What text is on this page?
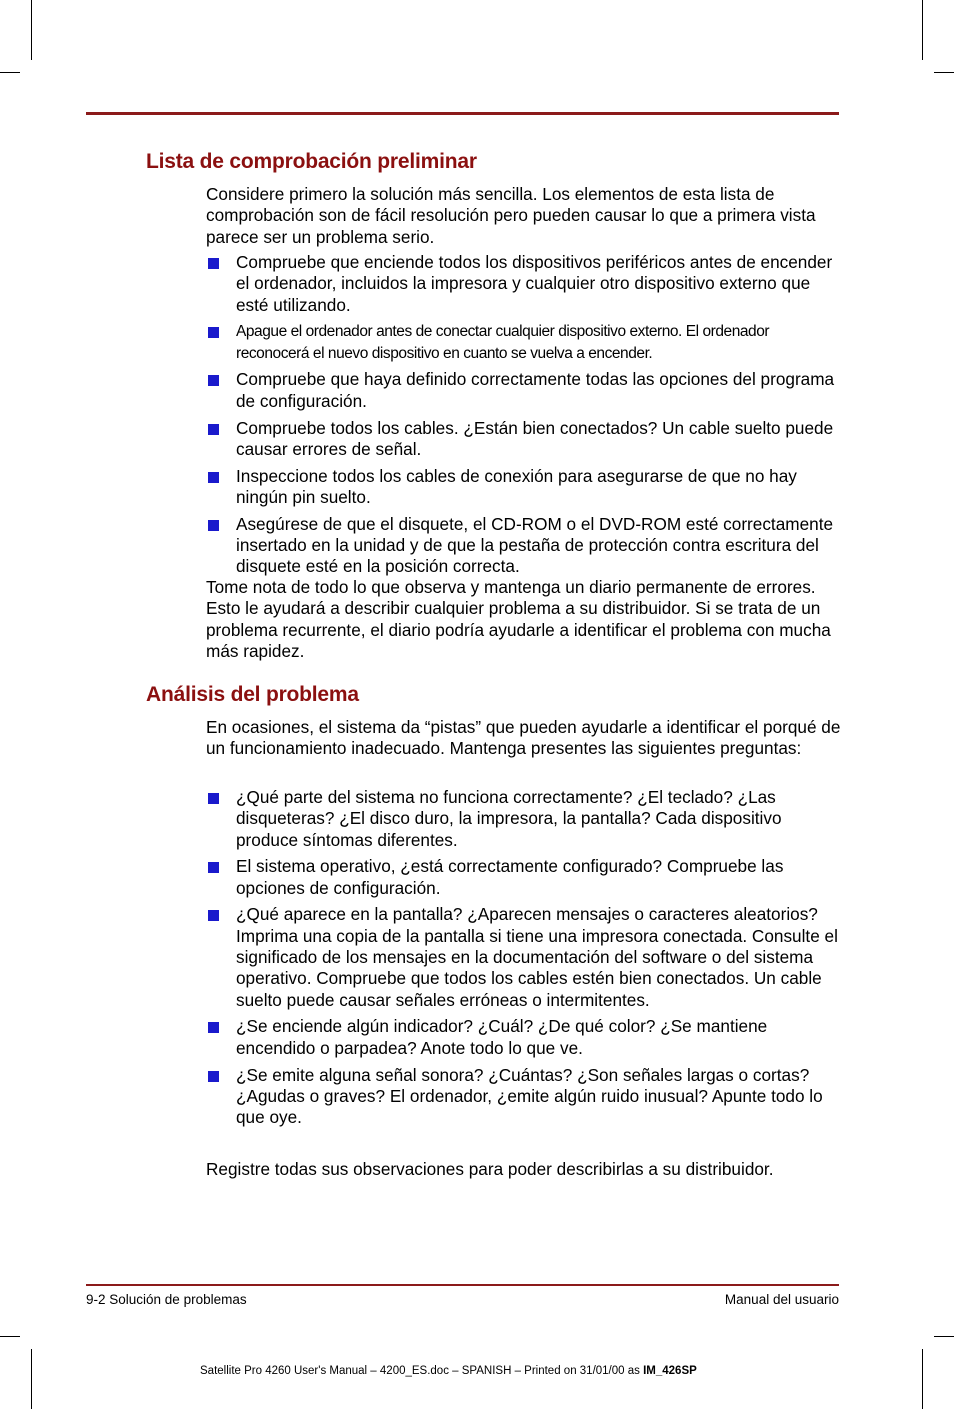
Lista de comprobación preliminar

Considere primero la solución más sencilla. Los elementos de esta lista de comprobación son de fácil resolución pero pueden causar lo que a primera vista parece ser un problema serio.

Compruebe que enciende todos los dispositivos periféricos antes de encender el ordenador, incluidos la impresora y cualquier otro dispositivo externo que esté utilizando.
Apague el ordenador antes de conectar cualquier dispositivo externo. El ordenador reconocerá el nuevo dispositivo en cuanto se vuelva a encender.
Compruebe que haya definido correctamente todas las opciones del programa de configuración.
Compruebe todos los cables. ¿Están bien conectados? Un cable suelto puede causar errores de señal.
Inspeccione todos los cables de conexión para asegurarse de que no hay ningún pin suelto.
Asegúrese de que el disquete, el CD-ROM o el DVD-ROM esté correctamente insertado en la unidad y de que la pestaña de protección contra escritura del disquete esté en la posición correcta.

Tome nota de todo lo que observa y mantenga un diario permanente de errores. Esto le ayudará a describir cualquier problema a su distribuidor. Si se trata de un problema recurrente, el diario podría ayudarle a identificar el problema con mucha más rapidez.

Análisis del problema

En ocasiones, el sistema da “pistas” que pueden ayudarle a identificar el porqué de un funcionamiento inadecuado. Mantenga presentes las siguientes preguntas:

¿Qué parte del sistema no funciona correctamente? ¿El teclado? ¿Las disqueteras? ¿El disco duro, la impresora, la pantalla? Cada dispositivo produce síntomas diferentes.
El sistema operativo, ¿está correctamente configurado? Compruebe las opciones de configuración.
¿Qué aparece en la pantalla? ¿Aparecen mensajes o caracteres aleatorios? Imprima una copia de la pantalla si tiene una impresora conectada. Consulte el significado de los mensajes en la documentación del software o del sistema operativo. Compruebe que todos los cables estén bien conectados. Un cable suelto puede causar señales erróneas o intermitentes.
¿Se enciende algún indicador? ¿Cuál? ¿De qué color? ¿Se mantiene encendido o parpadea? Anote todo lo que ve.
¿Se emite alguna señal sonora? ¿Cuántas? ¿Son señales largas o cortas? ¿Agudas o graves? El ordenador, ¿emite algún ruido inusual? Apunte todo lo que oye.

Registre todas sus observaciones para poder describirlas a su distribuidor.

9-2 Solución de problemas	Manual del usuario
Satellite Pro 4260 User's Manual – 4200_ES.doc – SPANISH – Printed on 31/01/00 as IM_426SP
